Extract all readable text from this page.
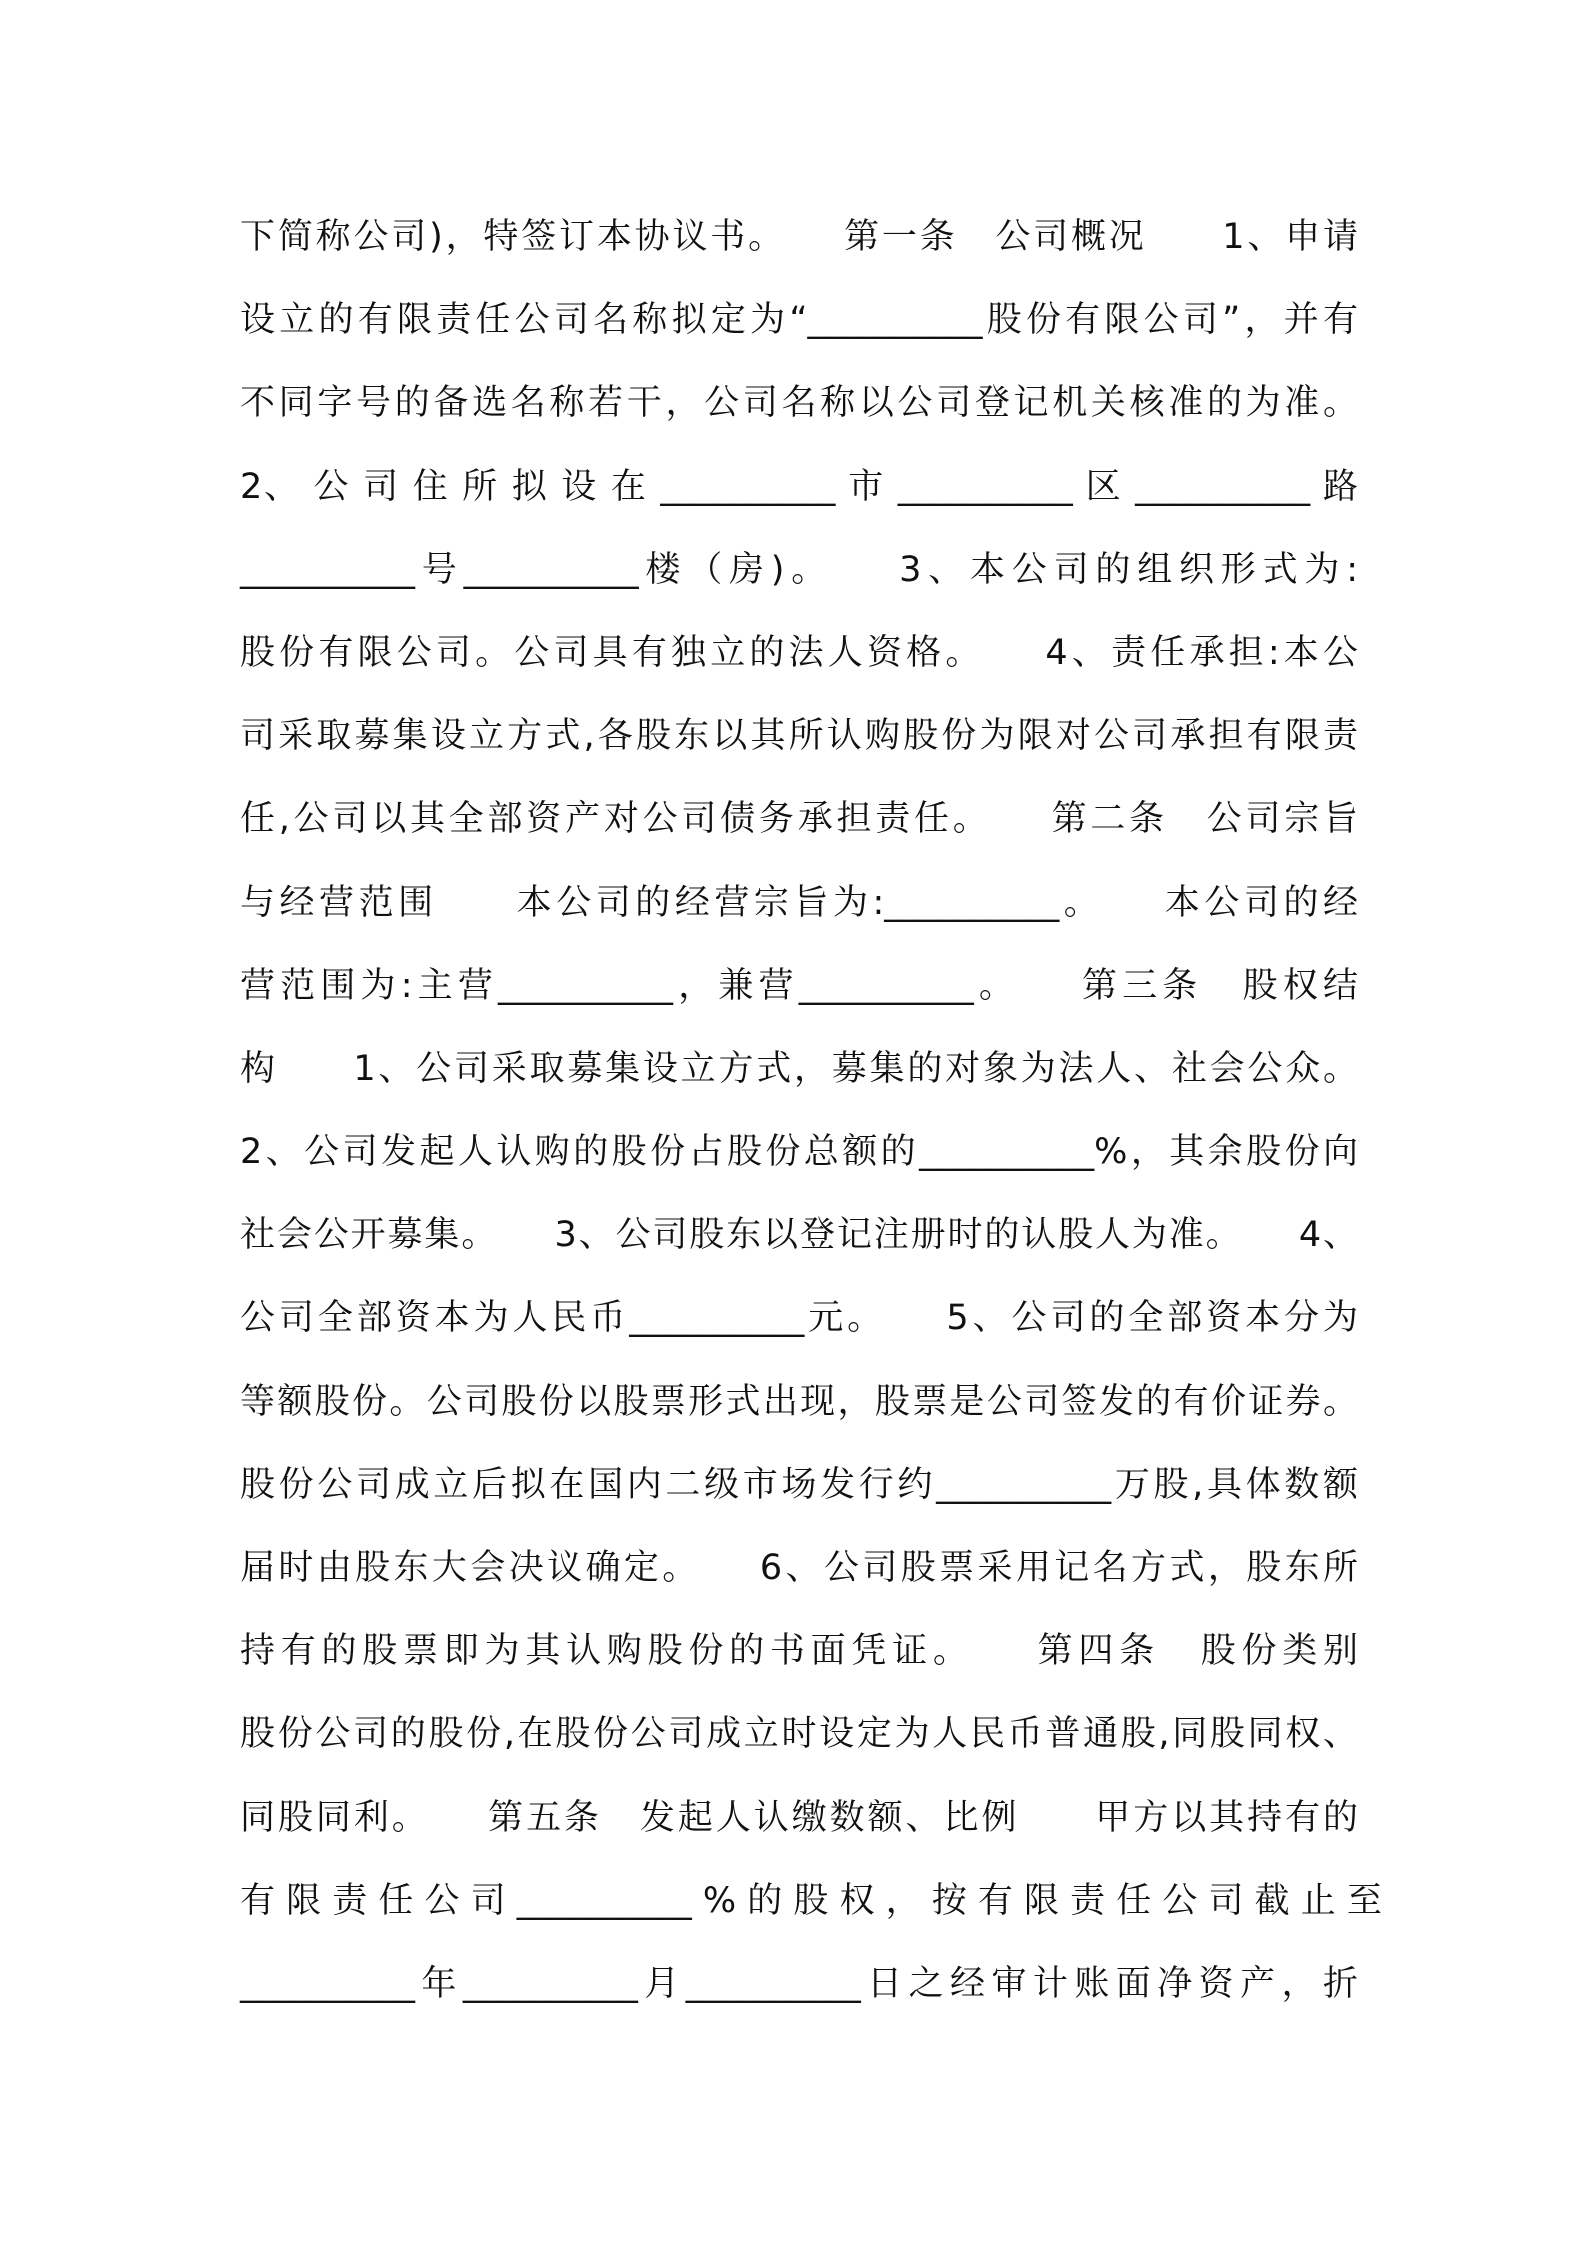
下简称公司)，特签订本协议书。　　第一条　公司概况　　1、申请
设立的有限责任公司名称拟定为“__________股份有限公司”，并有
不同字号的备选名称若干，公司名称以公司登记机关核准的为准。
2、 公 司 住 所 拟 设 在 __________ 市 __________ 区 __________ 路
__________号__________楼（房)。　　3、本公司的组织形式为:
股份有限公司。公司具有独立的法人资格。　　4、责任承担:本公
司采取募集设立方式,各股东以其所认购股份为限对公司承担有限责
任,公司以其全部资产对公司债务承担责任。　　第二条　公司宗旨
与经营范围　　本公司的经营宗旨为:__________。　　本公司的经
营范围为:主营__________，兼营__________。　　第三条　股权结
构　　1、公司采取募集设立方式，募集的对象为法人、社会公众。
2、公司发起人认购的股份占股份总额的__________%，其余股份向
社会公开募集。　　3、公司股东以登记注册时的认股人为准。　　4、
公司全部资本为人民币__________元。　　5、公司的全部资本分为
等额股份。公司股份以股票形式出现，股票是公司签发的有价证券。
股份公司成立后拟在国内二级市场发行约__________万股,具体数额
届时由股东大会决议确定。　　6、公司股票采用记名方式，股东所
持有的股票即为其认购股份的书面凭证。　　第四条　股份类别
股份公司的股份,在股份公司成立时设定为人民币普通股,同股同权、
同股同利。　　第五条　发起人认缴数额、比例　　甲方以其持有的
有 限 责 任 公 司 __________ % 的 股 权 ， 按 有 限 责 任 公 司 截 止 至
__________年__________月__________日之经审计账面净资产，折
